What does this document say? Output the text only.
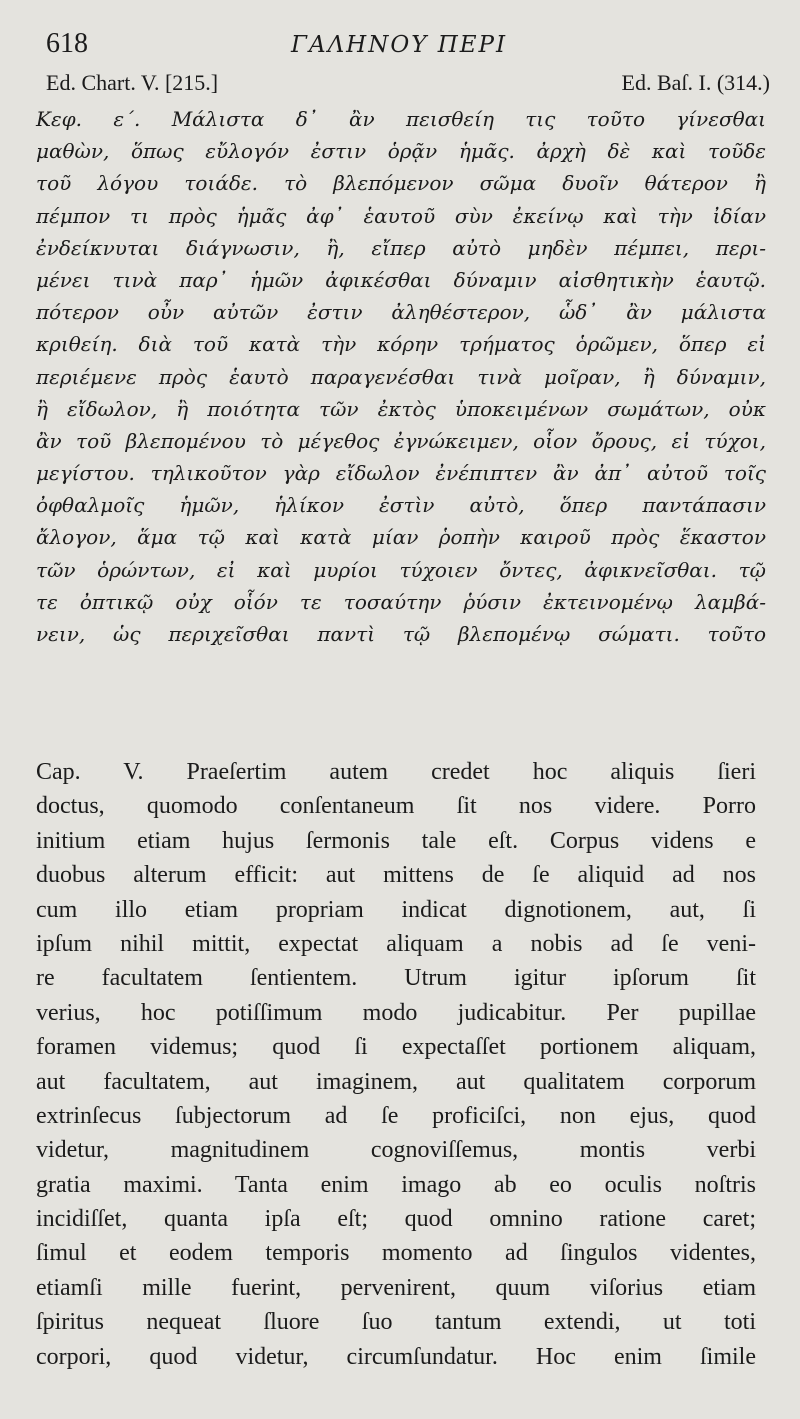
618	ΓΑΛΗΝΟΥ ΠΕΡΙ
Ed. Chart. V. [215.]	Ed. Baſ. I. (314.)
Κεφ. ε΄. Μάλιστα δ᾽ ἂν πεισθείη τις τοῦτο γίνεσθαι
μαθὼν, ὅπως εὔλογόν ἐστιν ὁρᾷν ἡμᾶς. ἀρχὴ δὲ καὶ τοῦδε
τοῦ λόγου τοιάδε. τὸ βλεπόμενον σῶμα δυοῖν θάτερον ἢ
πέμπον τι πρὸς ἡμᾶς ἀφ᾽ ἑαυτοῦ σὺν ἐκείνῳ καὶ τὴν ἰδίαν
ἐνδείκνυται διάγνωσιν, ἢ, εἴπερ αὐτὸ μηδὲν πέμπει, περι-
μένει τινὰ παρ᾽ ἡμῶν ἀφικέσθαι δύναμιν αἰσθητικὴν ἑαυτῷ.
πότερον οὖν αὐτῶν ἐστιν ἀληθέστερον, ὧδ᾽ ἂν μάλιστα
κριθείη. διὰ τοῦ κατὰ τὴν κόρην τρήματος ὁρῶμεν, ὅπερ εἰ
περιέμενε πρὸς ἑαυτὸ παραγενέσθαι τινὰ μοῖραν, ἢ δύναμιν,
ἢ εἴδωλον, ἢ ποιότητα τῶν ἐκτὸς ὑποκειμένων σωμάτων, οὐκ
ἂν τοῦ βλεπομένου τὸ μέγεθος ἐγνώκειμεν, οἷον ὄρους, εἰ τύχοι,
μεγίστου. τηλικοῦτον γὰρ εἴδωλον ἐνέπιπτεν ἂν ἀπ᾽ αὐτοῦ τοῖς
ὀφθαλμοῖς ἡμῶν, ἡλίκον ἐστὶν αὐτὸ, ὅπερ παντάπασιν
ἄλογον, ἅμα τῷ καὶ κατὰ μίαν ῥοπὴν καιροῦ πρὸς ἕκαστον
τῶν ὁρώντων, εἰ καὶ μυρίοι τύχοιεν ὄντες, ἀφικνεῖσθαι. τῷ
τε ὀπτικῷ οὐχ οἷόν τε τοσαύτην ῥύσιν ἐκτεινομένῳ λαμβά-
νειν, ὡς περιχεῖσθαι παντὶ τῷ βλεπομένῳ σώματι. τοῦτο
Cap. V. Praeſertim autem credet hoc aliquis ſieri
doctus, quomodo conſentaneum ſit nos videre. Porro
initium etiam hujus ſermonis tale eſt. Corpus videns e
duobus alterum efficit: aut mittens de ſe aliquid ad nos
cum illo etiam propriam indicat dignotionem, aut, ſi
ipſum nihil mittit, expectat aliquam a nobis ad ſe veni-
re facultatem ſentientem. Utrum igitur ipſorum ſit
verius, hoc potiſſimum modo judicabitur. Per pupillae
foramen videmus; quod ſi expectaſſet portionem aliquam,
aut facultatem, aut imaginem, aut qualitatem corporum
extrinſecus ſubjectorum ad ſe proficiſci, non ejus, quod
videtur, magnitudinem cognoviſſemus, montis verbi
gratia maximi. Tanta enim imago ab eo oculis noſtris
incidiſſet, quanta ipſa eſt; quod omnino ratione caret;
ſimul et eodem temporis momento ad ſingulos videntes,
etiamſi mille fuerint, pervenirent, quum viſorius etiam
ſpiritus nequeat ſluore ſuo tantum extendi, ut toti
corpori, quod videtur, circumſundatur. Hoc enim ſimile
